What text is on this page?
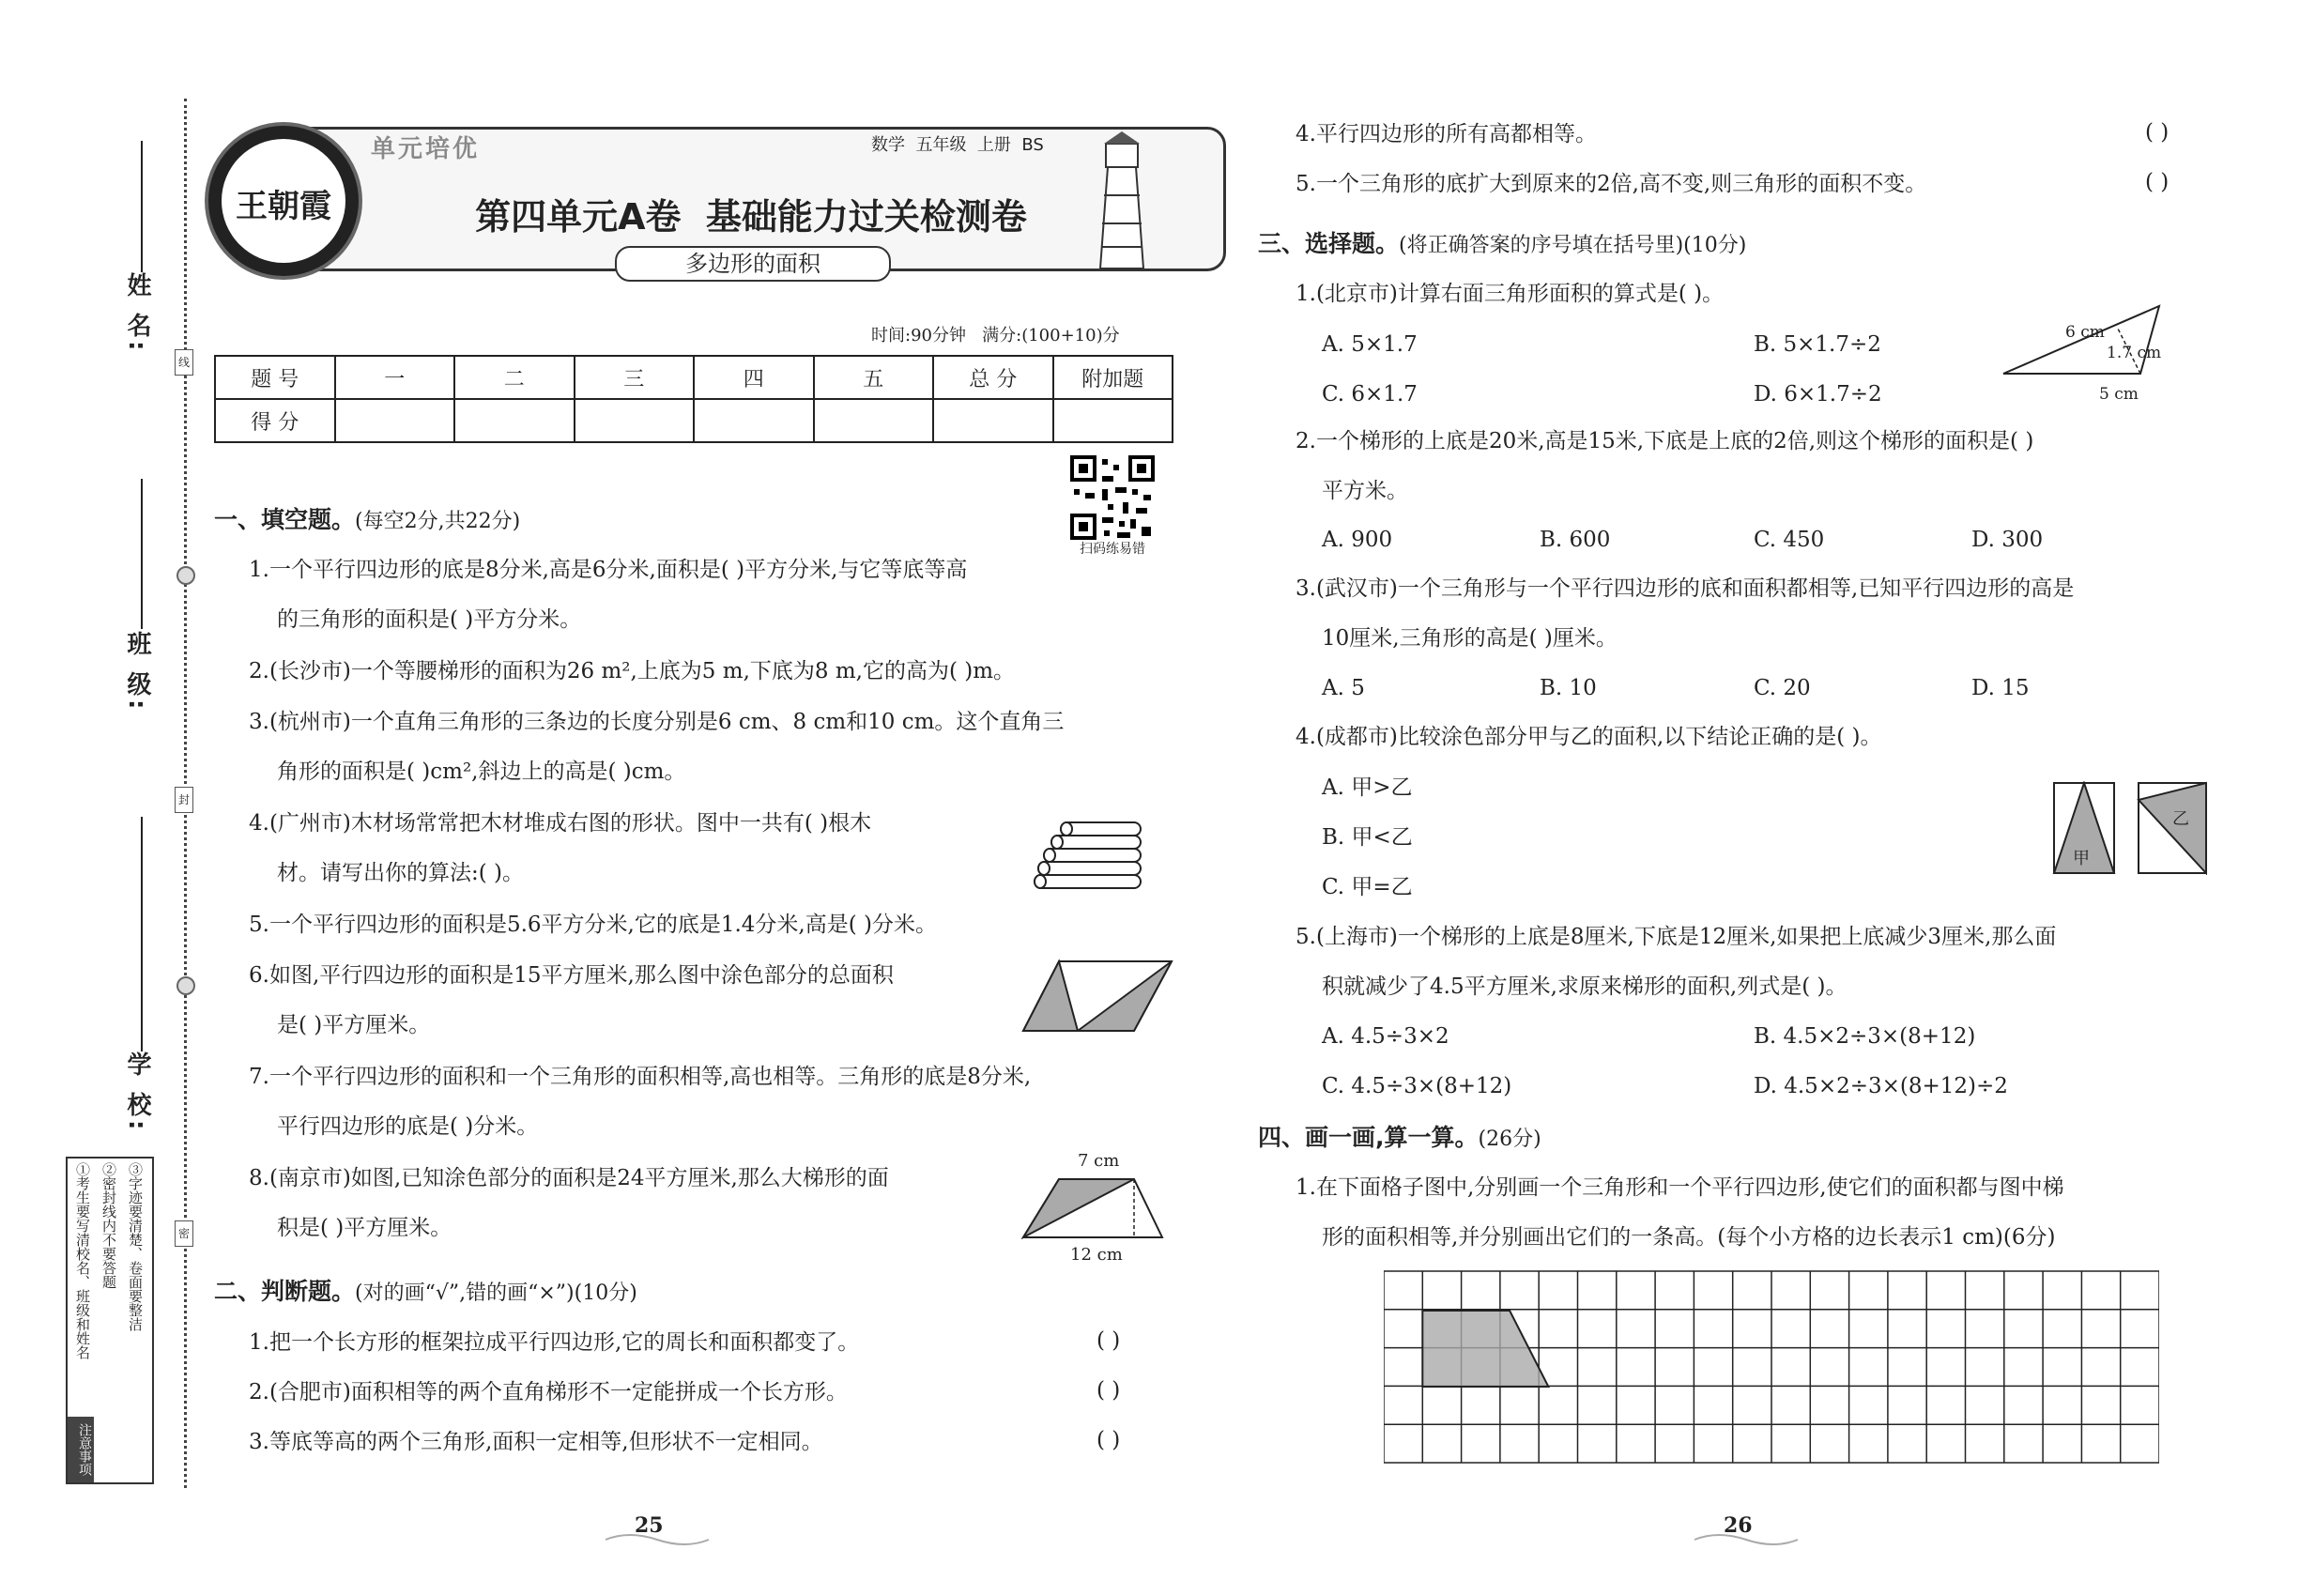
线
封
密
姓 名:
班 级:
学 校:
注意事项
①考生要写清校名、班级和姓名 ②密封线内不要答题 ③字迹要清楚、卷面要整洁
王朝霞
单元培优	数学  五年级  上册  BS
第四单元A卷  基础能力过关检测卷
多边形的面积
时间:90分钟   满分:(100+10)分
题 号	一	二	三	四	五	总 分	附加题
得 分							
扫码练易错
一、填空题。(每空2分,共22分)
1.一个平行四边形的底是8分米,高是6分米,面积是( )平方分米,与它等底等高
的三角形的面积是( )平方分米。
2.(长沙市)一个等腰梯形的面积为26 m²,上底为5 m,下底为8 m,它的高为( )m。
3.(杭州市)一个直角三角形的三条边的长度分别是6 cm、8 cm和10 cm。这个直角三
角形的面积是( )cm²,斜边上的高是( )cm。
4.(广州市)木材场常常把木材堆成右图的形状。图中一共有( )根木
材。请写出你的算法:( )。
5.一个平行四边形的面积是5.6平方分米,它的底是1.4分米,高是( )分米。
6.如图,平行四边形的面积是15平方厘米,那么图中涂色部分的总面积
是( )平方厘米。
7.一个平行四边形的面积和一个三角形的面积相等,高也相等。三角形的底是8分米,
平行四边形的底是( )分米。
8.(南京市)如图,已知涂色部分的面积是24平方厘米,那么大梯形的面
积是( )平方厘米。
7 cm
12 cm
二、判断题。(对的画“√”,错的画“×”)(10分)
1.把一个长方形的框架拉成平行四边形,它的周长和面积都变了。	( )
2.(合肥市)面积相等的两个直角梯形不一定能拼成一个长方形。	( )
3.等底等高的两个三角形,面积一定相等,但形状不一定相同。	( )
4.平行四边形的所有高都相等。	( )
5.一个三角形的底扩大到原来的2倍,高不变,则三角形的面积不变。	( )
三、选择题。(将正确答案的序号填在括号里)(10分)
1.(北京市)计算右面三角形面积的算式是( )。
A. 5×1.7	B. 5×1.7÷2
C. 6×1.7	D. 6×1.7÷2
6 cm
1.7 cm
5 cm
2.一个梯形的上底是20米,高是15米,下底是上底的2倍,则这个梯形的面积是( )
平方米。
A. 900	B. 600	C. 450	D. 300
3.(武汉市)一个三角形与一个平行四边形的底和面积都相等,已知平行四边形的高是
10厘米,三角形的高是( )厘米。
A. 5	B. 10	C. 20	D. 15
4.(成都市)比较涂色部分甲与乙的面积,以下结论正确的是( )。
A. 甲>乙
B. 甲<乙
C. 甲=乙
甲
乙
5.(上海市)一个梯形的上底是8厘米,下底是12厘米,如果把上底减少3厘米,那么面
积就减少了4.5平方厘米,求原来梯形的面积,列式是( )。
A. 4.5÷3×2	B. 4.5×2÷3×(8+12)
C. 4.5÷3×(8+12)	D. 4.5×2÷3×(8+12)÷2
四、画一画,算一算。(26分)
1.在下面格子图中,分别画一个三角形和一个平行四边形,使它们的面积都与图中梯
形的面积相等,并分别画出它们的一条高。(每个小方格的边长表示1 cm)(6分)
25	26
